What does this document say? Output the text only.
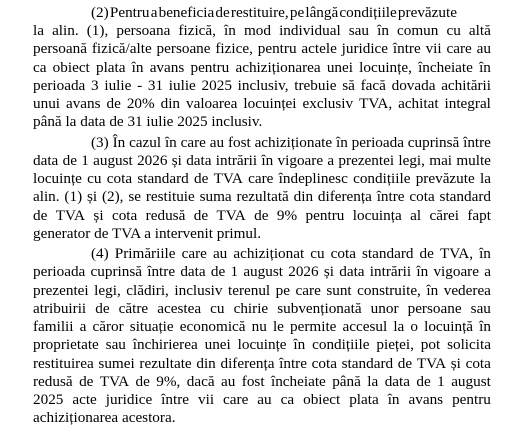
(2) Pentru a beneficia de restituire, pe lângă condițiile prevăzute
la alin. (1), persoana fizică, în mod individual sau în comun cu altă
persoană fizică/alte persoane fizice, pentru actele juridice între vii care au
ca obiect plata în avans pentru achiziționarea unei locuințe, încheiate în
perioada 3 iulie - 31 iulie 2025 inclusiv, trebuie să facă dovada achitării
unui avans de 20% din valoarea locuinței exclusiv TVA, achitat integral
până la data de 31 iulie 2025 inclusiv.
(3) În cazul în care au fost achiziționate în perioada cuprinsă între
data de 1 august 2026 și data intrării în vigoare a prezentei legi, mai multe
locuințe cu cota standard de TVA care îndeplinesc condițiile prevăzute la
alin. (1) și (2), se restituie suma rezultată din diferența între cota standard
de TVA și cota redusă de TVA de 9% pentru locuința al cărei fapt
generator de TVA a intervenit primul.
(4) Primăriile care au achiziționat cu cota standard de TVA, în
perioada cuprinsă între data de 1 august 2026 și data intrării în vigoare a
prezentei legi, clădiri, inclusiv terenul pe care sunt construite, în vederea
atribuirii de către acestea cu chirie subvenționată unor persoane sau
familii a căror situație economică nu le permite accesul la o locuință în
proprietate sau închirierea unei locuințe în condițiile pieței, pot solicita
restituirea sumei rezultate din diferența între cota standard de TVA și cota
redusă de TVA de 9%, dacă au fost încheiate până la data de 1 august
2025 acte juridice între vii care au ca obiect plata în avans pentru
achiziționarea acestora.
